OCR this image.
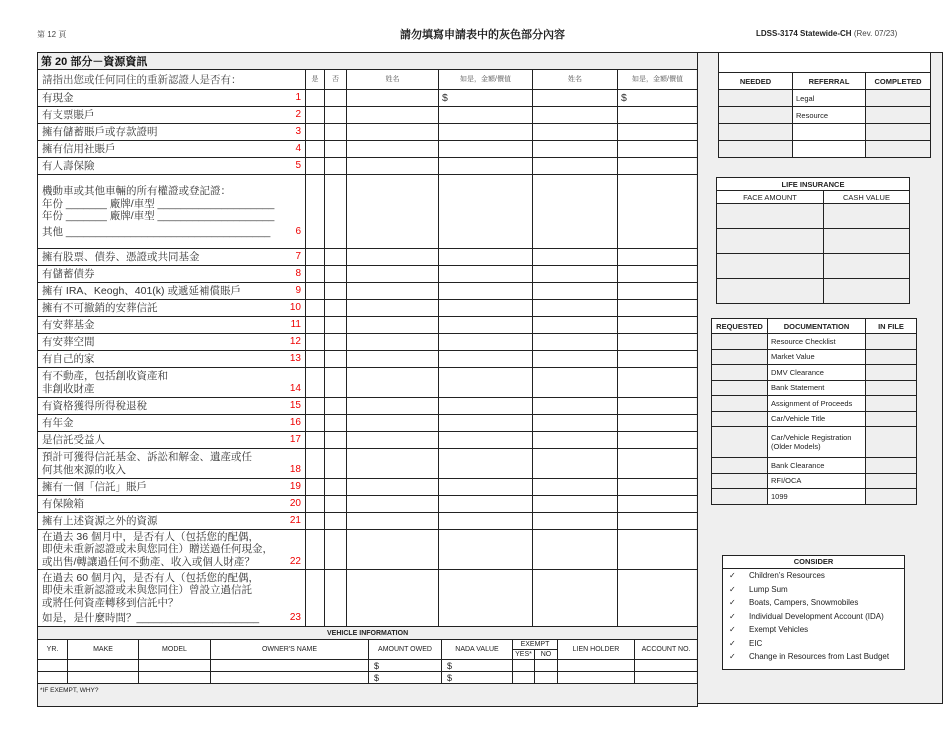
第 12 頁	請勿填寫申請表中的灰色部分內容	LDSS-3174 Statewide-CH (Rev. 07/23)
第 20 部分－資源資訊						
請指出您或任何同住的重新認證人是否有：	是	否	姓名	如是，金額/價值	姓名	如是，金額/價值

有現金 1				$		$

有支票賬戶 2						

擁有儲蓄賬戶或存款證明 3						

擁有信用社賬戶 4						

有人壽保險 5						

機動車或其他車輛的所有權證或登記證：
年份 _______ 廠牌/車型 ____________________
年份 _______ 廠牌/車型 ____________________
其他 ___________________________________ 6						

擁有股票、債券、憑證或共同基金 7						

有儲蓄債券 8						

擁有 IRA、Keogh、401(k) 或遞延補償賬戶 9						

擁有不可撤銷的安葬信託 10						

有安葬基金 11						

有安葬空間 12						

有自己的家 13						

有不動產，包括創收資產和
非創收財產 14						

有資格獲得所得稅退稅 15						

有年金 16						

是信託受益人 17						

預計可獲得信託基金、訴訟和解金、遺產或任
何其他來源的收入 18						

擁有一個「信託」賬戶 19						

有保險箱 20						

擁有上述資源之外的資源 21						

在過去 36 個月中，是否有人（包括您的配偶，
即使未重新認證或未與您同住）贈送過任何現金，
或出售/轉讓過任何不動產、收入或個人財產？ 22						

在過去 60 個月內，是否有人（包括您的配偶，
即使未重新認證或未與您同住）曾設立過信託
或將任何資產轉移到信託中？
如是，是什麼時間？_____________________ 23						

VEHICLE INFORMATION									
YR.	MAKE	MODEL	OWNER'S NAME	AMOUNT OWED	NADA VALUE	EXEMPT		LIEN HOLDER	ACCOUNT NO.
						YES*	NO		
				$	$				
				$	$				
*IF EXEMPT, WHY?									

NEEDED	REFERRAL	COMPLETED
	Legal	
	Resource	

LIFE INSURANCE	
FACE AMOUNT	CASH VALUE

REQUESTED	DOCUMENTATION	IN FILE
	Resource Checklist	
	Market Value	
	DMV Clearance	
	Bank Statement	
	Assignment of Proceeds	
	Car/Vehicle Title	
	Car/Vehicle Registration (Older Models)	
	Bank Clearance	
	RFI/OCA	
	1099	
CONSIDER
✓ Children’s Resources
✓ Lump Sum
✓ Boats, Campers, Snowmobiles
✓ Individual Development Account (IDA)
✓ Exempt Vehicles
✓ EIC
✓ Change in Resources from Last Budget
